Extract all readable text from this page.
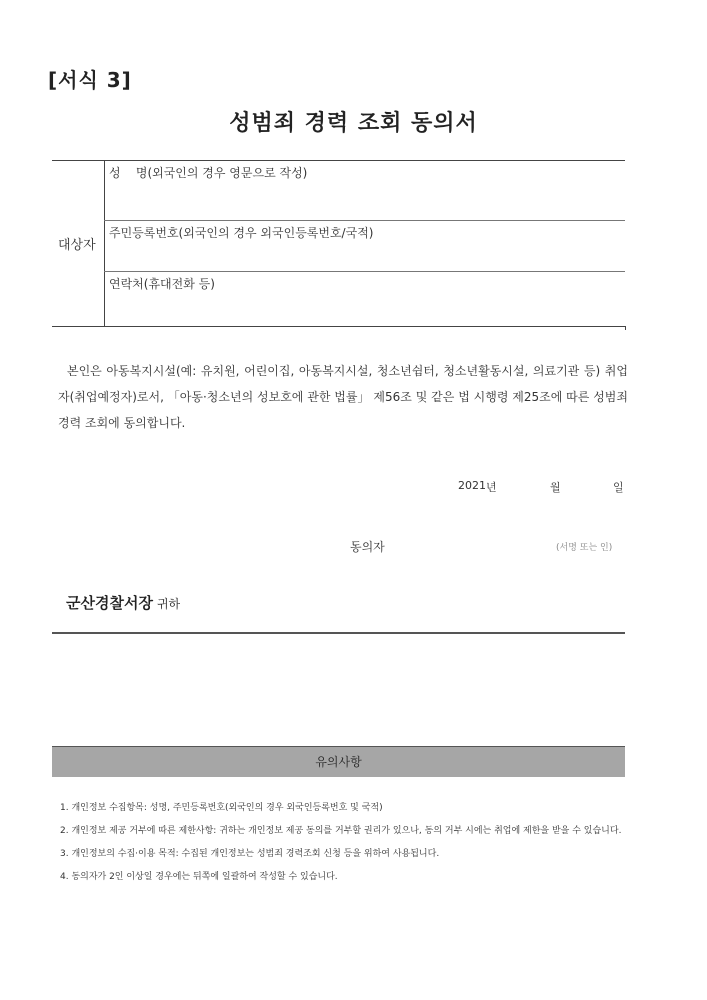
[서식 3]
성범죄 경력 조회 동의서
대상자
성    명(외국인의 경우 영문으로 작성)
주민등록번호(외국인의 경우 외국인등록번호/국적)
연락처(휴대전화 등)
본인은 아동복지시설(예: 유치원, 어린이집, 아동복지시설, 청소년쉼터, 청소년활동시설, 의료기관 등) 취업자(취업예정자)로서, 「아동·청소년의 성보호에 관한 법률」 제56조 및 같은 법 시행령 제25조에 따른 성범죄경력 조회에 동의합니다.
2021 년	월	일
동의자	(서명 또는 인)
군산경찰서장 귀하
유의사항
1. 개인정보 수집항목: 성명, 주민등록번호(외국인의 경우 외국인등록번호 및 국적)
2. 개인정보 제공 거부에 따른 제한사항: 귀하는 개인정보 제공 동의를 거부할 권리가 있으나, 동의 거부 시에는 취업에 제한을 받을 수 있습니다.
3. 개인정보의 수집·이용 목적: 수집된 개인정보는 성범죄 경력조회 신청 등을 위하여 사용됩니다.
4. 동의자가 2인 이상일 경우에는 뒤쪽에 일괄하여 작성할 수 있습니다.
